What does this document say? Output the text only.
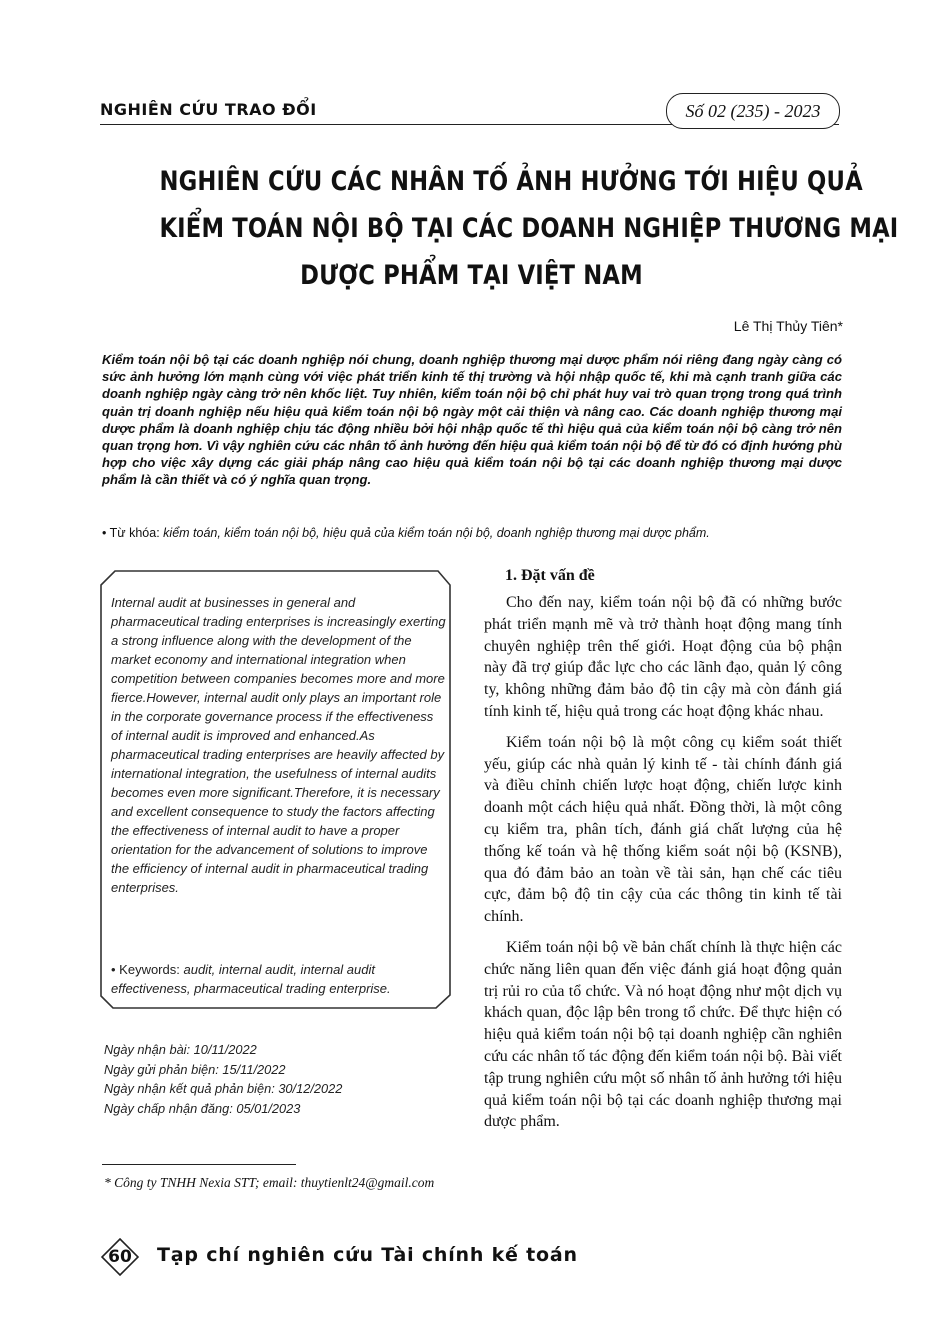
NGHIÊN CỨU TRAO ĐỔI	Số 02 (235) - 2023
NGHIÊN CỨU CÁC NHÂN TỐ ẢNH HƯỞNG TỚI HIỆU QUẢ
KIỂM TOÁN NỘI BỘ TẠI CÁC DOANH NGHIỆP THƯƠNG MẠI
DƯỢC PHẨM TẠI VIỆT NAM
Lê Thị Thủy Tiên*
Kiểm toán nội bộ tại các doanh nghiệp nói chung, doanh nghiệp thương mại dược phẩm nói riêng đang ngày càng có sức ảnh hưởng lớn mạnh cùng với việc phát triển kinh tế thị trường và hội nhập quốc tế, khi mà cạnh tranh giữa các doanh nghiệp ngày càng trở nên khốc liệt. Tuy nhiên, kiểm toán nội bộ chỉ phát huy vai trò quan trọng trong quá trình quản trị doanh nghiệp nếu hiệu quả kiểm toán nội bộ ngày một cải thiện và nâng cao. Các doanh nghiệp thương mại dược phẩm là doanh nghiệp chịu tác động nhiều bởi hội nhập quốc tế thì hiệu quả của kiểm toán nội bộ càng trở nên quan trọng hơn. Vì vậy nghiên cứu các nhân tố ảnh hưởng đến hiệu quả kiểm toán nội bộ để từ đó có định hướng phù hợp cho việc xây dựng các giải pháp nâng cao hiệu quả kiểm toán nội bộ tại các doanh nghiệp thương mại dược phẩm là cần thiết và có ý nghĩa quan trọng.
• Từ khóa: kiểm toán, kiểm toán nội bộ, hiệu quả của kiểm toán nội bộ, doanh nghiệp thương mại dược phẩm.
Internal audit at businesses in general and pharmaceutical trading enterprises is increasingly exerting a strong influence along with the development of the market economy and international integration when competition between companies becomes more and more fierce.However, internal audit only plays an important role in the corporate governance process if the effectiveness of internal audit is improved and enhanced.As pharmaceutical trading enterprises are heavily affected by international integration, the usefulness of internal audits becomes even more significant.Therefore, it is necessary and excellent consequence to study the factors affecting the effectiveness of internal audit to have a proper orientation for the advancement of solutions to improve the efficiency of internal audit in pharmaceutical trading enterprises.
• Keywords: audit, internal audit, internal audit effectiveness, pharmaceutical trading enterprise.
Ngày nhận bài: 10/11/2022
Ngày gửi phản biện: 15/11/2022
Ngày nhận kết quả phản biện: 30/12/2022
Ngày chấp nhận đăng: 05/01/2023
* Công ty TNHH Nexia STT; email: thuytienlt24@gmail.com
1. Đặt vấn đề

Cho đến nay, kiểm toán nội bộ đã có những bước phát triển mạnh mẽ và trở thành hoạt động mang tính chuyên nghiệp trên thế giới. Hoạt động của bộ phận này đã trợ giúp đắc lực cho các lãnh đạo, quản lý công ty, không những đảm bảo độ tin cậy mà còn đánh giá tính kinh tế, hiệu quả trong các hoạt động khác nhau.

Kiểm toán nội bộ là một công cụ kiểm soát thiết yếu, giúp các nhà quản lý kinh tế - tài chính đánh giá và điều chỉnh chiến lược hoạt động, chiến lược kinh doanh một cách hiệu quả nhất. Đồng thời, là một công cụ kiểm tra, phân tích, đánh giá chất lượng của hệ thống kế toán và hệ thống kiểm soát nội bộ (KSNB), qua đó đảm bảo an toàn về tài sản, hạn chế các tiêu cực, đảm bộ độ tin cậy của các thông tin kinh tế tài chính.

Kiểm toán nội bộ về bản chất chính là thực hiện các chức năng liên quan đến việc đánh giá hoạt động quản trị rủi ro của tổ chức. Và nó hoạt động như một dịch vụ khách quan, độc lập bên trong tổ chức. Để thực hiện có hiệu quả kiểm toán nội bộ tại doanh nghiệp cần nghiên cứu các nhân tố tác động đến kiểm toán nội bộ. Bài viết tập trung nghiên cứu một số nhân tố ảnh hưởng tới hiệu quả kiểm toán nội bộ tại các doanh nghiệp thương mại dược phẩm.

60	Tạp chí nghiên cứu Tài chính kế toán
